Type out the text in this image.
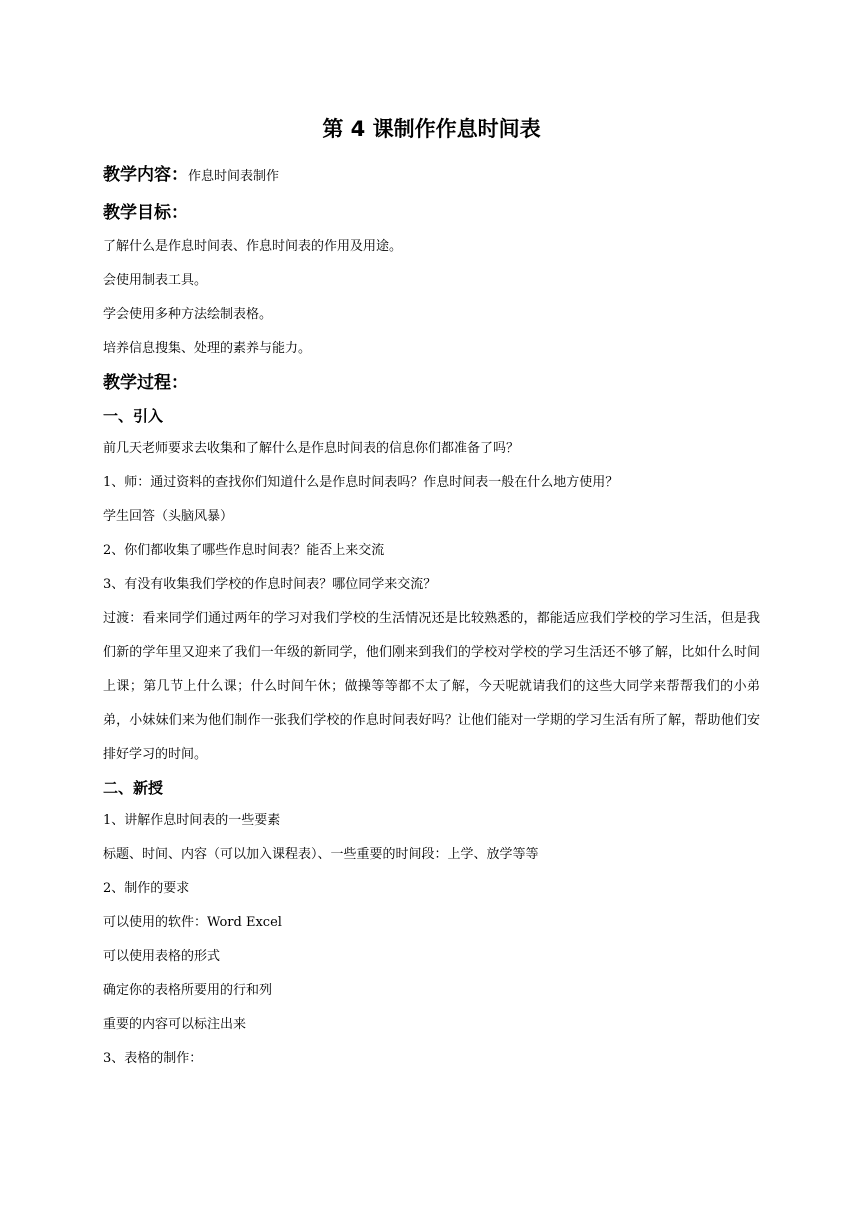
第 4 课制作作息时间表
教学内容：作息时间表制作
教学目标：
了解什么是作息时间表、作息时间表的作用及用途。
会使用制表工具。
学会使用多种方法绘制表格。
培养信息搜集、处理的素养与能力。
教学过程：
一、引入
前几天老师要求去收集和了解什么是作息时间表的信息你们都准备了吗？
1、师：通过资料的查找你们知道什么是作息时间表吗？作息时间表一般在什么地方使用？
学生回答（头脑风暴）
2、你们都收集了哪些作息时间表？能否上来交流
3、有没有收集我们学校的作息时间表？哪位同学来交流？
过渡：看来同学们通过两年的学习对我们学校的生活情况还是比较熟悉的，都能适应我们学校的学习生活，但是我们新的学年里又迎来了我们一年级的新同学，他们刚来到我们的学校对学校的学习生活还不够了解，比如什么时间上课；第几节上什么课；什么时间午休；做操等等都不太了解，今天呢就请我们的这些大同学来帮帮我们的小弟弟，小妹妹们来为他们制作一张我们学校的作息时间表好吗？让他们能对一学期的学习生活有所了解，帮助他们安排好学习的时间。
二、新授
1、讲解作息时间表的一些要素
标题、时间、内容（可以加入课程表）、一些重要的时间段：上学、放学等等
2、制作的要求
可以使用的软件：Word Excel
可以使用表格的形式
确定你的表格所要用的行和列
重要的内容可以标注出来
3、表格的制作：
